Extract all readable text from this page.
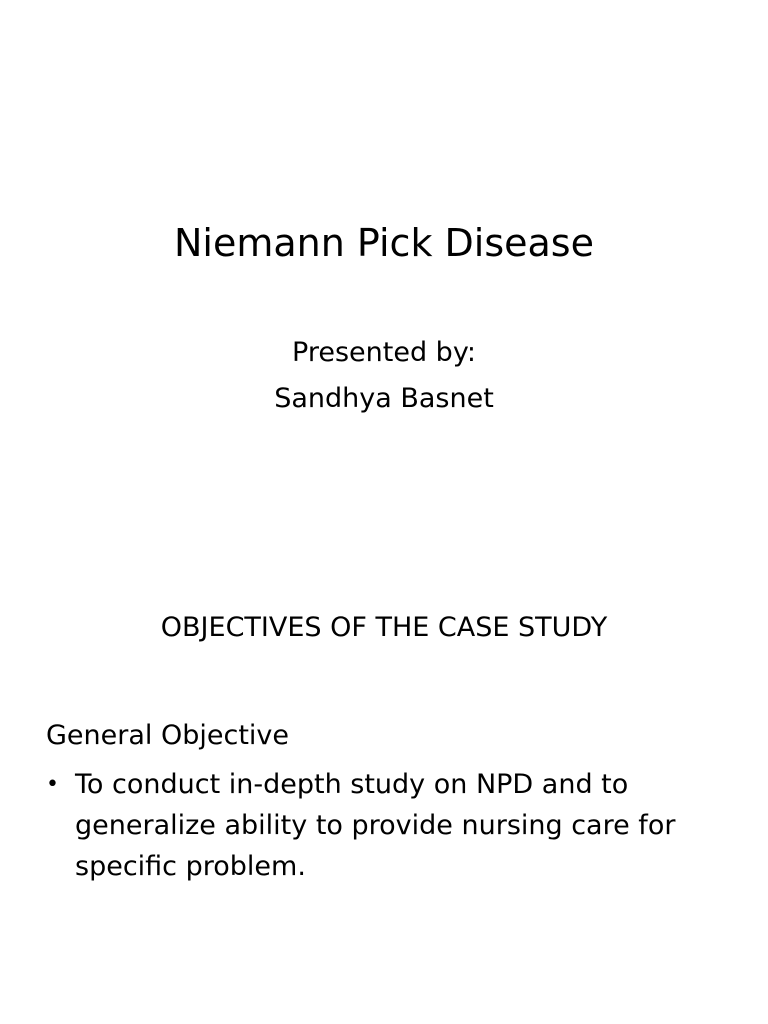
Niemann Pick Disease
Presented by:
Sandhya Basnet
OBJECTIVES OF THE CASE STUDY
General Objective
• To conduct in-depth study on NPD and to generalize ability to provide nursing care for specific problem.
